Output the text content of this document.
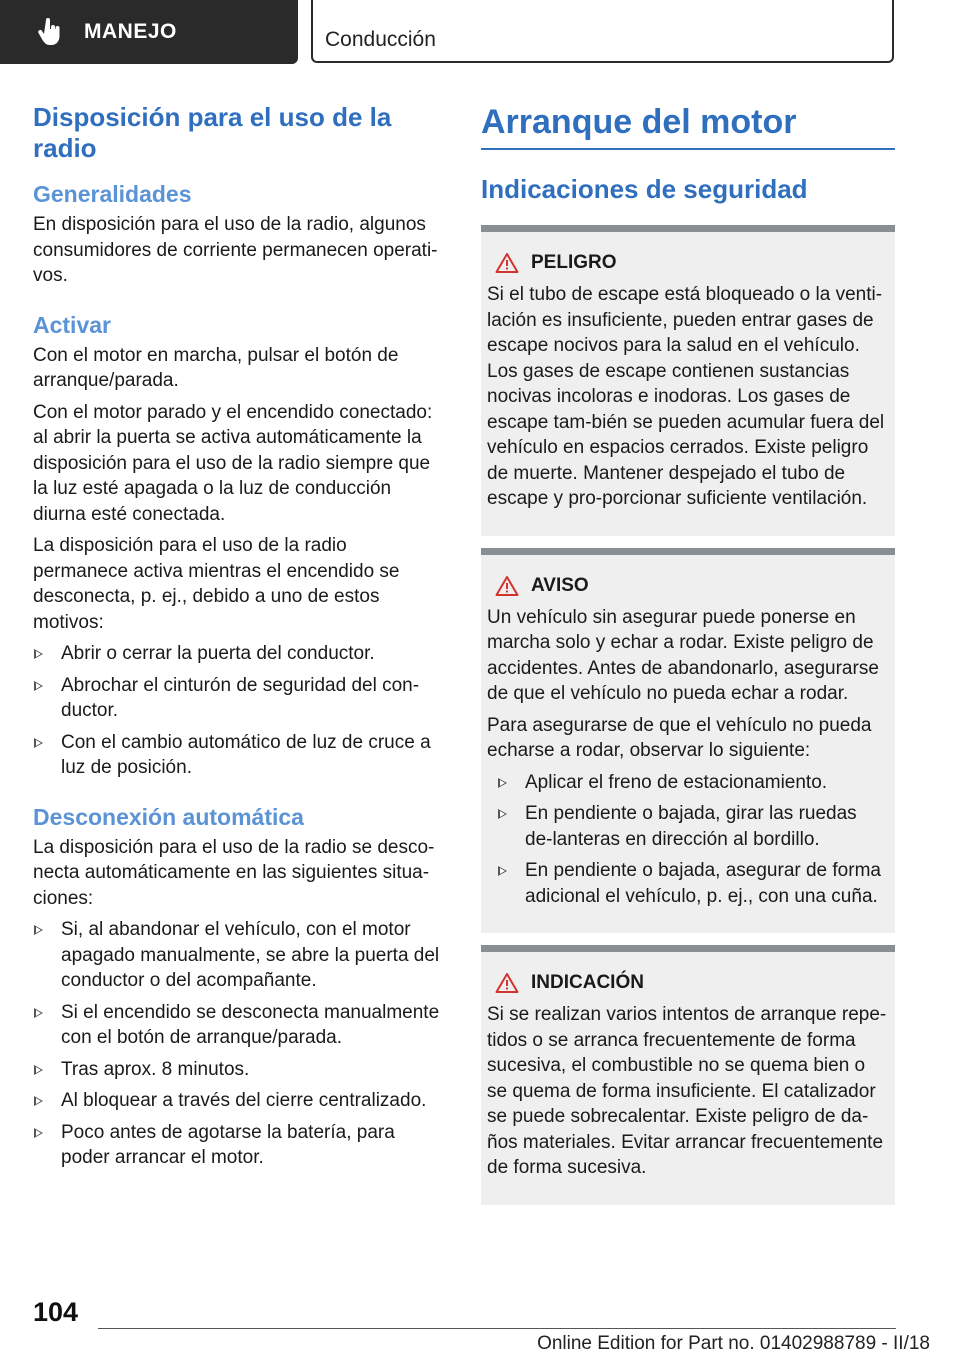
MANEJO	Conducción
Disposición para el uso de la radio
Generalidades

En disposición para el uso de la radio, algunos consumidores de corriente permanecen operati-vos.

Activar

Con el motor en marcha, pulsar el botón de arranque/parada.

Con el motor parado y el encendido conectado: al abrir la puerta se activa automáticamente la disposición para el uso de la radio siempre que la luz esté apagada o la luz de conducción diurna esté conectada.

La disposición para el uso de la radio permanece activa mientras el encendido se desconecta, p. ej., debido a uno de estos motivos:

Abrir o cerrar la puerta del conductor.
Abrochar el cinturón de seguridad del con-ductor.
Con el cambio automático de luz de cruce a luz de posición.
Desconexión automática

La disposición para el uso de la radio se desco-necta automáticamente en las siguientes situa-ciones:

Si, al abandonar el vehículo, con el motor apagado manualmente, se abre la puerta del conductor o del acompañante.
Si el encendido se desconecta manualmente con el botón de arranque/parada.
Tras aprox. 8 minutos.
Al bloquear a través del cierre centralizado.
Poco antes de agotarse la batería, para poder arrancar el motor.
Arranque del motor
Indicaciones de seguridad
PELIGRO

Si el tubo de escape está bloqueado o la venti-lación es insuficiente, pueden entrar gases de escape nocivos para la salud en el vehículo. Los gases de escape contienen sustancias nocivas incoloras e inodoras. Los gases de escape tam-bién se pueden acumular fuera del vehículo en espacios cerrados. Existe peligro de muerte. Mantener despejado el tubo de escape y pro-porcionar suficiente ventilación.

AVISO

Un vehículo sin asegurar puede ponerse en marcha solo y echar a rodar. Existe peligro de accidentes. Antes de abandonarlo, asegurarse de que el vehículo no pueda echar a rodar.

Para asegurarse de que el vehículo no pueda echarse a rodar, observar lo siguiente:

Aplicar el freno de estacionamiento.
En pendiente o bajada, girar las ruedas de-lanteras en dirección al bordillo.
En pendiente o bajada, asegurar de forma adicional el vehículo, p. ej., con una cuña.
INDICACIÓN

Si se realizan varios intentos de arranque repe-tidos o se arranca frecuentemente de forma sucesiva, el combustible no se quema bien o se quema de forma insuficiente. El catalizador se puede sobrecalentar. Existe peligro de da-ños materiales. Evitar arrancar frecuentemente de forma sucesiva.

104
Online Edition for Part no. 01402988789 - II/18
